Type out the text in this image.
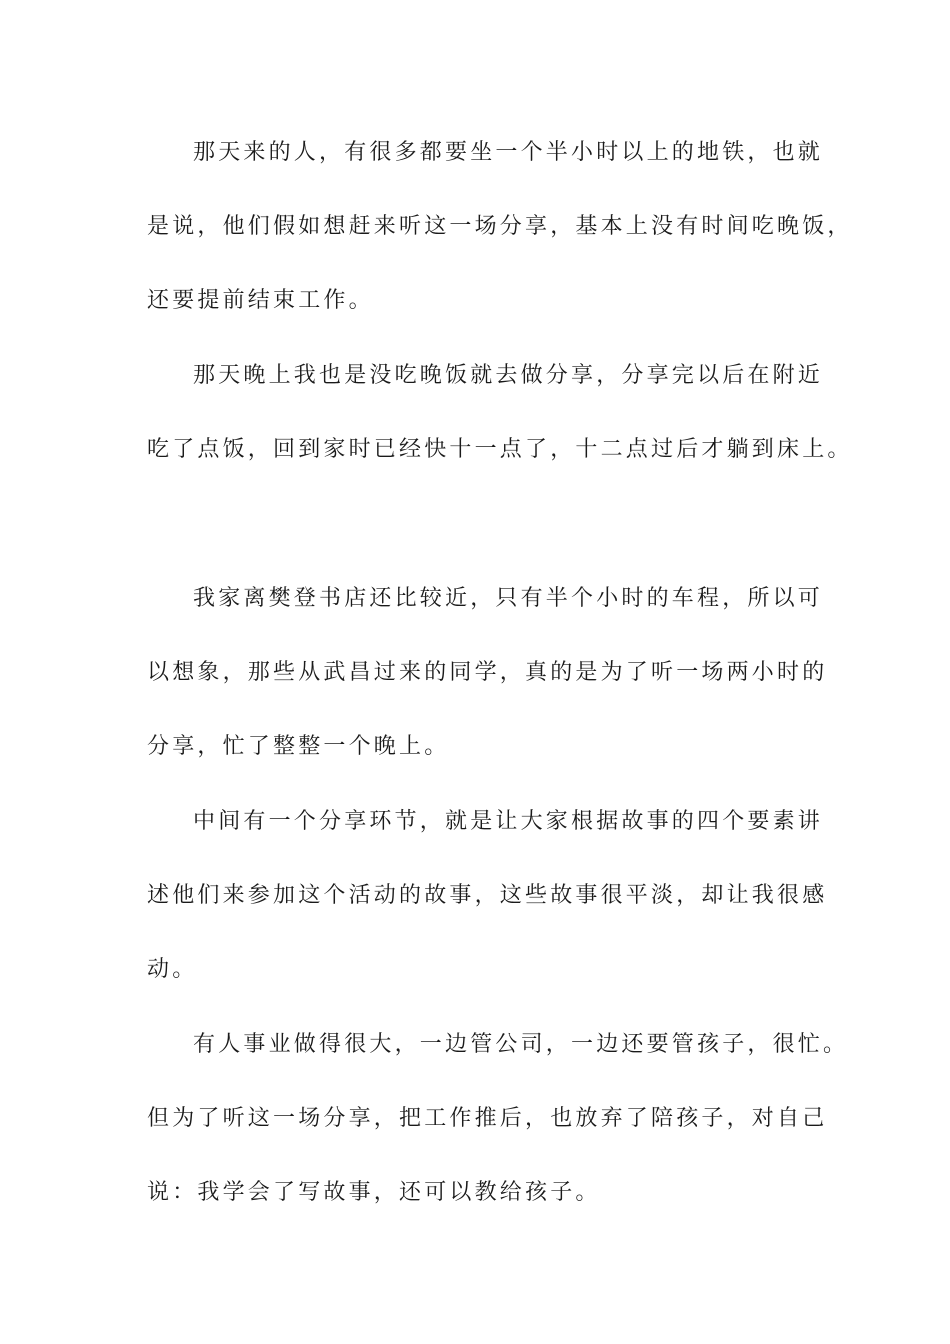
那天来的人，有很多都要坐一个半小时以上的地铁，也就
是说，他们假如想赶来听这一场分享，基本上没有时间吃晚饭，
还要提前结束工作。
那天晚上我也是没吃晚饭就去做分享，分享完以后在附近
吃了点饭，回到家时已经快十一点了，十二点过后才躺到床上。
我家离樊登书店还比较近，只有半个小时的车程，所以可
以想象，那些从武昌过来的同学，真的是为了听一场两小时的
分享，忙了整整一个晚上。
中间有一个分享环节，就是让大家根据故事的四个要素讲
述他们来参加这个活动的故事，这些故事很平淡，却让我很感
动。
有人事业做得很大，一边管公司，一边还要管孩子，很忙。
但为了听这一场分享，把工作推后，也放弃了陪孩子，对自己
说：我学会了写故事，还可以教给孩子。
